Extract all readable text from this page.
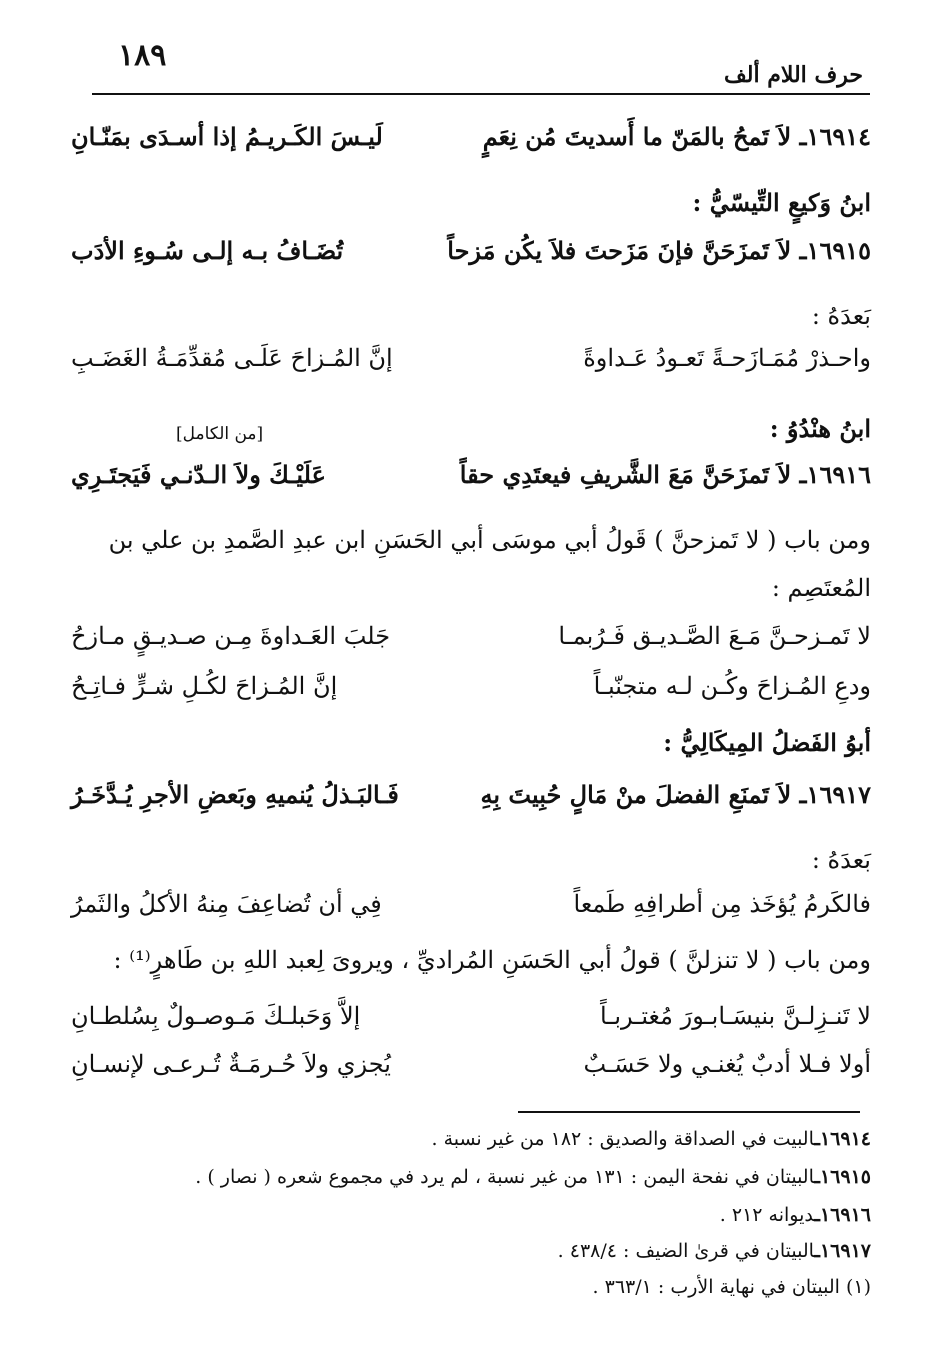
١٨٩
حرف اللام ألف
١٦٩١٤ـ لاَ تَمحُ بالمَنّ ما أَسديتَ مُن نِعَمٍ
لَيـسَ الكَـريـمُ إذا أسـدَى بمَنّـانِ
ابنُ وَكيعٍ التِّيسّيُّ :
١٦٩١٥ـ لاَ تَمزَحَنَّ فإنَ مَزَحتَ فلاَ يكُن مَزحاً
تُضَـافُ بـه إلـى سُـوءِ الأدَب
بَعدَهُ :
واحـذرْ مُمَـازَحـةً تَعـودُ عَـداوةً
إنَّ المُـزاحَ عَلَـى مُقدِّمَـةُ الغَضَـبِ
ابنُ هنْدُوُ :
[من الكامل]
١٦٩١٦ـ لاَ تَمزَحَنَّ مَعَ الشَّريفِ فيعتَدِي حقاً
عَلَيْـكَ ولاَ الـدّنـي فَيَجتَـرِي
ومن باب ( لا تَمزحنَّ ) قَولُ أبي موسَى أبي الحَسَنِ ابن عبدِ الصَّمدِ بن علي بن
المُعتَصِم :
لا تَمـزحـنَّ مَـعَ الصَّـديـق فَـرُبمـا
جَلبَ العَـداوةَ مِـن صـديـقٍ مـازحُ
ودعِ المُـزاحَ وكُـن لـه متجنّبـاً
إنَّ المُـزاحَ لكُـلِ شـرٍّ فـاتِـحُ
أبوُ الفَضلُ المِيكَالِيُّ :
١٦٩١٧ـ لاَ تَمنَعِ الفضلَ منْ مَالٍ حُبِيتَ بِهِ
فَـالبَـذلُ يُنميهِ وبَعضِ الأجرِ يُـدَّخَـرُ
بَعدَهُ :
فالكَرمُ يُؤخَذ مِن أطرافِهِ طَمعاً
فِي أن تُضاعِفَ مِنهُ الأكلُ والثَمرُ
ومن باب ( لا تنزلنَّ ) قولُ أبي الحَسَنِ المُراديِّ ، ويروىَ لِعبد اللهِ بن طَاهرٍ⁽¹⁾ :
لا تَنـزِلـنَّ بنيسَـابـورَ مُغتـربـاً
إلاَّ وَحَبلـكَ مَـوصـولٌ بِسُلطـانِ
أولا فـلا أدبٌ يُغنـي ولا حَسَـبٌ
يُجزي ولاَ حُـرمَـةٌ تُـرعـى لإنسـانِ
١٦٩١٤ـالبيت في الصداقة والصديق : ١٨٢ من غير نسبة .
١٦٩١٥ـالبيتان في نفحة اليمن : ١٣١ من غير نسبة ، لم يرد في مجموع شعره ( نصار ) .
١٦٩١٦ـديوانه ٢١٢ .
١٦٩١٧ـالبيتان في قرىٰ الضيف : ٤٣٨/٤ .
(١) البيتان في نهاية الأرب : ٣٦٣/١ .
